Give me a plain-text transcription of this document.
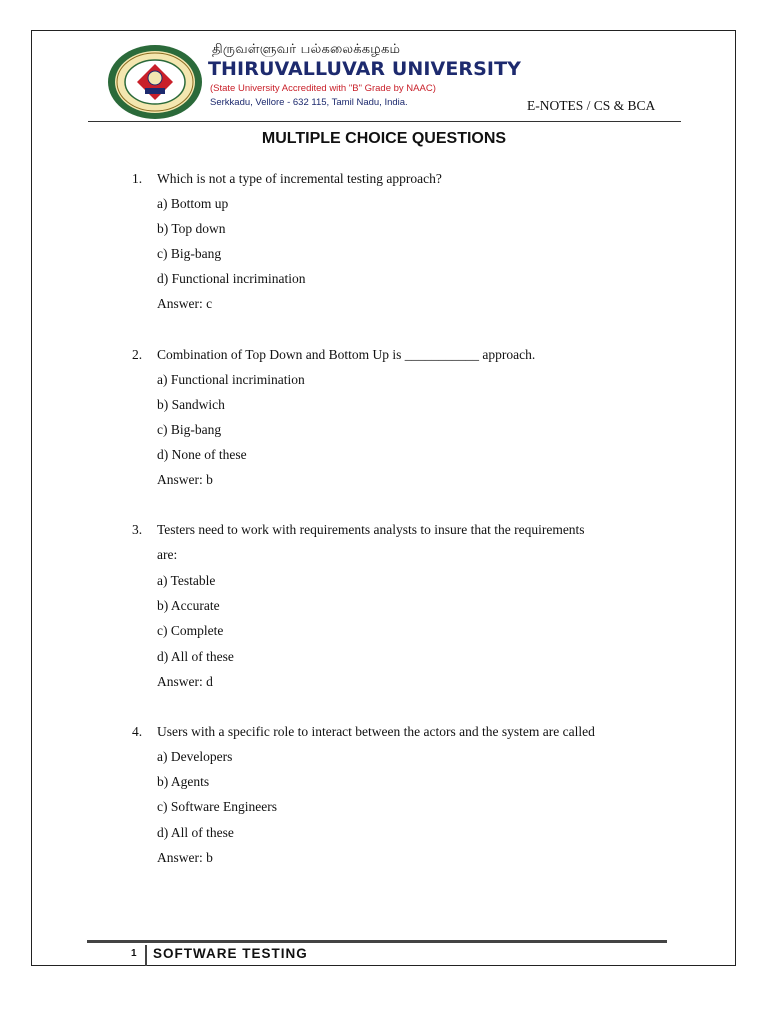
திருவள்ளுவர் பல்கலைக்கழகம்
THIRUVALLUVAR UNIVERSITY
(State University Accredited with "B" Grade by NAAC)
Serkkadu, Vellore - 632 115, Tamil Nadu, India.	E-NOTES / CS & BCA
MULTIPLE CHOICE QUESTIONS
1. Which is not a type of incremental testing approach?
a) Bottom up
b) Top down
c) Big-bang
d) Functional incrimination
Answer: c
2. Combination of Top Down and Bottom Up is ___________ approach.
a) Functional incrimination
b) Sandwich
c) Big-bang
d) None of these
Answer: b
3. Testers need to work with requirements analysts to insure that the requirements
are:
a) Testable
b) Accurate
c) Complete
d) All of these
Answer: d
4. Users with a specific role to interact between the actors and the system are called
a) Developers
b) Agents
c) Software Engineers
d) All of these
Answer: b
1 SOFTWARE TESTING
